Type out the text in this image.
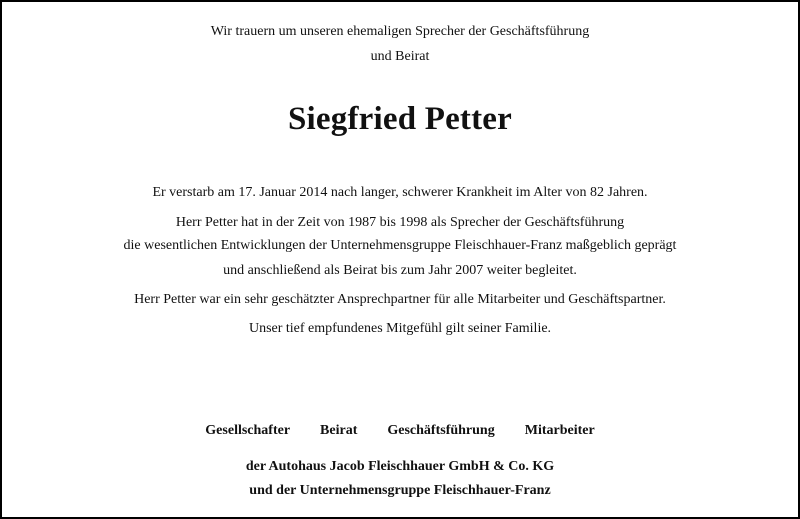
Wir trauern um unseren ehemaligen Sprecher der Geschäftsführung
und Beirat
Siegfried Petter
Er verstarb am 17. Januar 2014 nach langer, schwerer Krankheit im Alter von 82 Jahren.
Herr Petter hat in der Zeit von 1987 bis 1998 als Sprecher der Geschäftsführung
die wesentlichen Entwicklungen der Unternehmensgruppe Fleischhauer-Franz maßgeblich geprägt
und anschließend als Beirat bis zum Jahr 2007 weiter begleitet.
Herr Petter war ein sehr geschätzter Ansprechpartner für alle Mitarbeiter und Geschäftspartner.
Unser tief empfundenes Mitgefühl gilt seiner Familie.
Gesellschafter Beirat Geschäftsführung Mitarbeiter
der Autohaus Jacob Fleischhauer GmbH & Co. KG
und der Unternehmensgruppe Fleischhauer-Franz
